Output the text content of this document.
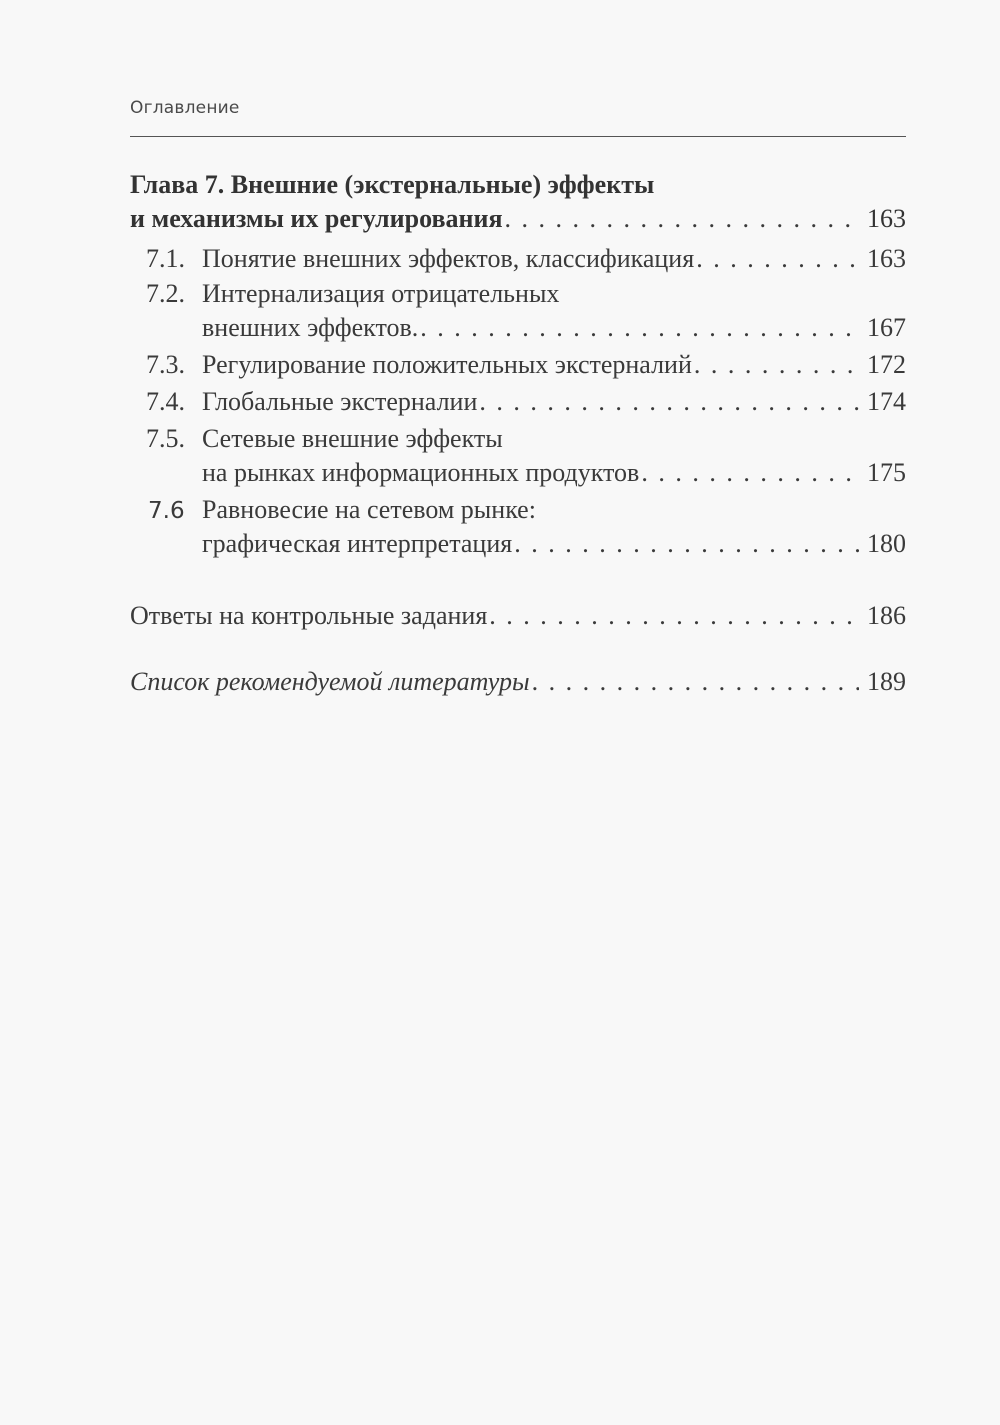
Оглавление
Глава 7. Внешние (экстернальные) эффекты
и механизмы их регулирования . . .	163
7.1. Понятие внешних эффектов, классификация . . .	163
7.2. Интернализация отрицательных
внешних эффектов. . . .	167
7.3. Регулирование положительных экстерналий . . .	172
7.4. Глобальные экстерналии . . .	174
7.5. Сетевые внешние эффекты
на рынках информационных продуктов . . .	175
7.6 Равновесие на сетевом рынке:
графическая интерпретация . . .	180
Ответы на контрольные задания . . .	186
Список рекомендуемой литературы . . .	189
